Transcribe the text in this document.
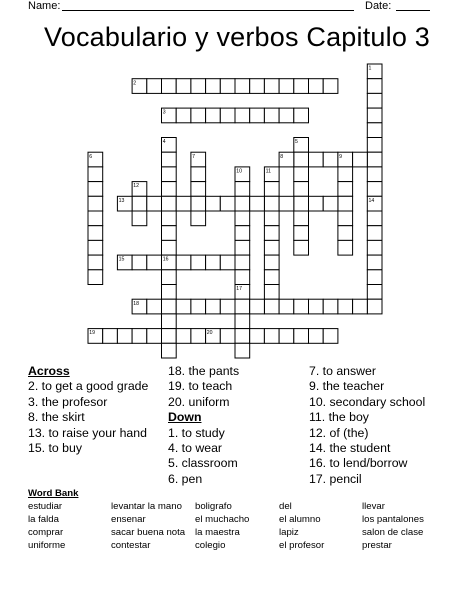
Name:	Date:
Vocabulario y verbos Capitulo 3
1
2
3
4	5
6	7	8	9
10	11
12
13	14
15	16
17
18
19	20
Across
2. to get a good grade
3. the profesor
8. the skirt
13. to raise your hand
15. to buy
18. the pants
19. to teach
20. uniform
Down
1. to study
4. to wear
5. classroom
6. pen
7. to answer
9. the teacher
10. secondary school
11. the boy
12. of (the)
14. the student
16. to lend/borrow
17. pencil
Word Bank
estudiar	levantar la mano	boligrafo	del	llevar
la falda	ensenar	el muchacho	el alumno	los pantalones
comprar	sacar buena nota	la maestra	lapiz	salon de clase
uniforme	contestar	colegio	el profesor	prestar
